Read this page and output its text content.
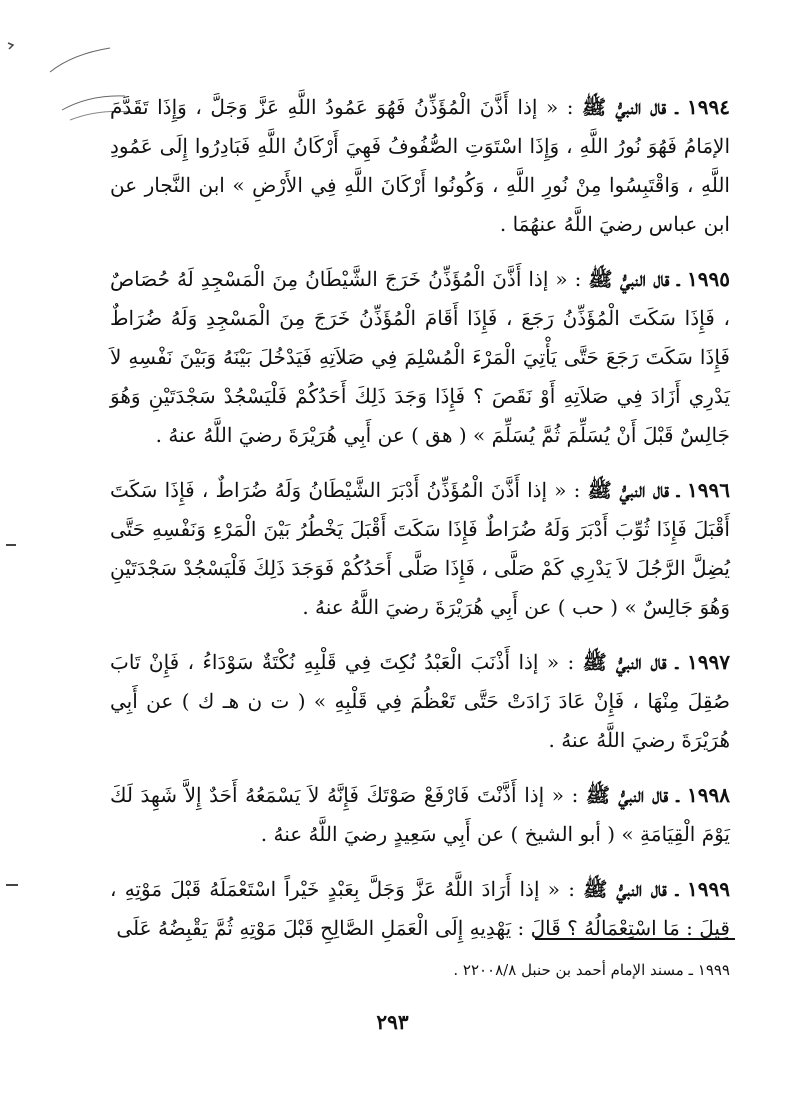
١٩٩٤ ـ قال النبيُّ ﷺ : « إذا أَذَّنَ الْمُؤَذِّنُ فَهُوَ عَمُودُ اللَّهِ عَزَّ وَجَلَّ ، وَإِذَا تَقَدَّمَ الإمَامُ فَهُوَ نُورُ اللَّهِ ، وَإِذَا اسْتَوَتِ الصُّفُوفُ فَهِيَ أَرْكَانُ اللَّهِ فَبَادِرُوا إِلَى عَمُودِ اللَّهِ ، وَاقْتَبِسُوا مِنْ نُورِ اللَّهِ ، وَكُونُوا أَرْكَانَ اللَّهِ فِي الأَرْضِ » ابن النَّجار عن ابن عباس رضيَ اللَّهُ عنهُمَا .

١٩٩٥ ـ قال النبيُّ ﷺ : « إذا أَذَّنَ الْمُؤَذِّنُ خَرَجَ الشَّيْطَانُ مِنَ الْمَسْجِدِ لَهُ حُصَاصٌ ، فَإِذَا سَكَتَ الْمُؤَذِّنُ رَجَعَ ، فَإِذَا أَقَامَ الْمُؤَذِّنُ خَرَجَ مِنَ الْمَسْجِدِ وَلَهُ ضُرَاطٌ فَإِذَا سَكَتَ رَجَعَ حَتَّى يَأْتِيَ الْمَرْءَ الْمُسْلِمَ فِي صَلاَتِهِ فَيَدْخُلَ بَيْنَهُ وَبَيْنَ نَفْسِهِ لاَ يَدْرِي أَزَادَ فِي صَلاَتِهِ أَوْ نَقَصَ ؟ فَإِذَا وَجَدَ ذَلِكَ أَحَدُكُمْ فَلْيَسْجُدْ سَجْدَتَيْنِ وَهُوَ جَالِسٌ قَبْلَ أَنْ يُسَلِّمَ ثُمَّ يُسَلِّمَ » ( هق ) عن أَبِي هُرَيْرَةَ رضيَ اللَّهُ عنهُ .

١٩٩٦ ـ قال النبيُّ ﷺ : « إذا أَذَّنَ الْمُؤَذِّنُ أَدْبَرَ الشَّيْطَانُ وَلَهُ ضُرَاطٌ ، فَإِذَا سَكَتَ أَقْبَلَ فَإِذَا ثُوِّبَ أَدْبَرَ وَلَهُ ضُرَاطٌ فَإِذَا سَكَتَ أَقْبَلَ يَخْطُرُ بَيْنَ الْمَرْءِ وَنَفْسِهِ حَتَّى يُضِلَّ الرَّجُلَ لاَ يَدْرِي كَمْ صَلَّى ، فَإِذَا صَلَّى أَحَدُكُمْ فَوَجَدَ ذَلِكَ فَلْيَسْجُدْ سَجْدَتَيْنِ وَهُوَ جَالِسٌ » ( حب ) عن أَبِي هُرَيْرَةَ رضيَ اللَّهُ عنهُ .

١٩٩٧ ـ قال النبيُّ ﷺ : « إذا أَذْنَبَ الْعَبْدُ نُكِتَ فِي قَلْبِهِ نُكْتَةٌ سَوْدَاءُ ، فَإِنْ تَابَ صُقِلَ مِنْهَا ، فَإِنْ عَادَ زَادَتْ حَتَّى تَعْظُمَ فِي قَلْبِهِ » ( ت ن هـ ك ) عن أَبِي هُرَيْرَةَ رضيَ اللَّهُ عنهُ .

١٩٩٨ ـ قال النبيُّ ﷺ : « إذا أَذَّنْتَ فَارْفَعْ صَوْتَكَ فَإِنَّهُ لاَ يَسْمَعُهُ أَحَدٌ إِلاَّ شَهِدَ لَكَ يَوْمَ الْقِيَامَةِ » ( أبو الشيخ ) عن أَبِي سَعِيدٍ رضيَ اللَّهُ عنهُ .

١٩٩٩ ـ قال النبيُّ ﷺ : « إذا أَرَادَ اللَّهُ عَزَّ وَجَلَّ بِعَبْدٍ خَيْراً اسْتَعْمَلَهُ قَبْلَ مَوْتِهِ ، قِيلَ : مَا اسْتِعْمَالُهُ ؟ قَالَ : يَهْدِيهِ إِلَى الْعَمَلِ الصَّالِحِ قَبْلَ مَوْتِهِ ثُمَّ يَقْبِضُهُ عَلَى

١٩٩٩ ـ مسند الإمام أحمد بن حنبل ٢٢٠٠٨/٨ .
٢٩٣
